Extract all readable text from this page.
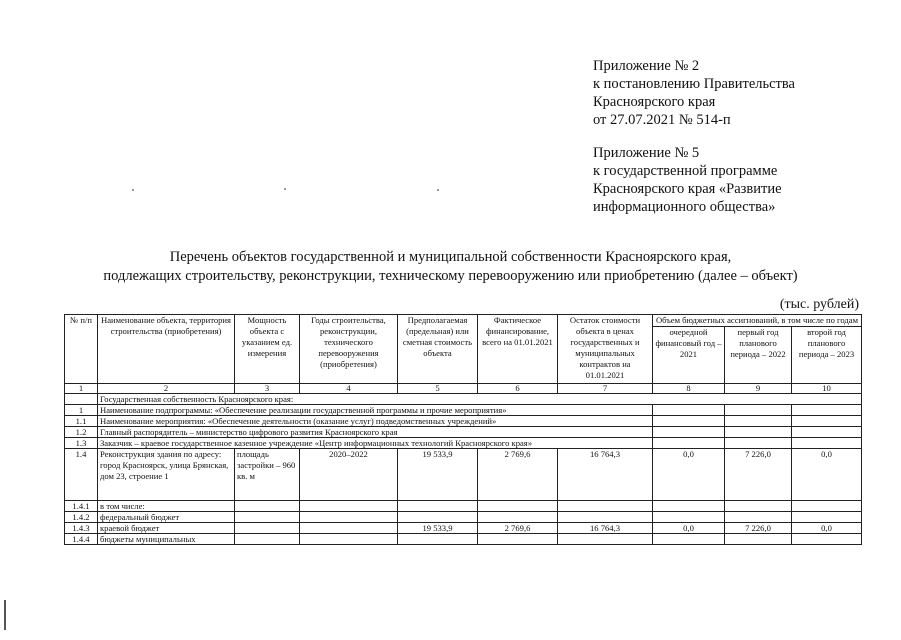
Приложение № 2
к постановлению Правительства
Красноярского края
от 27.07.2021 № 514-п
Приложение № 5
к государственной программе
Красноярского края «Развитие
информационного общества»
Перечень объектов государственной и муниципальной собственности Красноярского края,
подлежащих строительству, реконструкции, техническому перевооружению или приобретению (далее – объект)
(тыс. рублей)
№ п/п	Наименование объекта, территория строительства (приобретения)	Мощность объекта с указанием ед. измерения	Годы строительства, реконструкции, технического перевооружения (приобретения)	Предполагаемая (предельная) или сметная стоимость объекта	Фактическое финансирование, всего на 01.01.2021	Остаток стоимости объекта в ценах государственных и муниципальных контрактов на 01.01.2021	Объем бюджетных ассигнований, в том числе по годам		
							очередной финансовый год – 2021	первый год планового периода – 2022	второй год планового периода – 2023
1	2	3	4	5	6	7	8	9	10
	Государственная собственность Красноярского края:								
1	Наименование подпрограммы: «Обеспечение реализации государственной программы и прочие мероприятия»								
1.1	Наименование мероприятия: «Обеспечение деятельности (оказание услуг) подведомственных учреждений»								
1.2	Главный распорядитель – министерство цифрового развития Красноярского края								
1.3	Заказчик – краевое государственное казенное учреждение «Центр информационных технологий Красноярского края»								
1.4	Реконструкция здания по адресу: город Красноярск, улица Брянская, дом 23, строение 1	площадь застройки – 960 кв. м	2020–2022	19 533,9	2 769,6	16 764,3	0,0	7 226,0	0,0
1.4.1	в том числе:								
1.4.2	федеральный бюджет								
1.4.3	краевой бюджет			19 533,9	2 769,6	16 764,3	0,0	7 226,0	0,0
1.4.4	бюджеты муниципальных								
